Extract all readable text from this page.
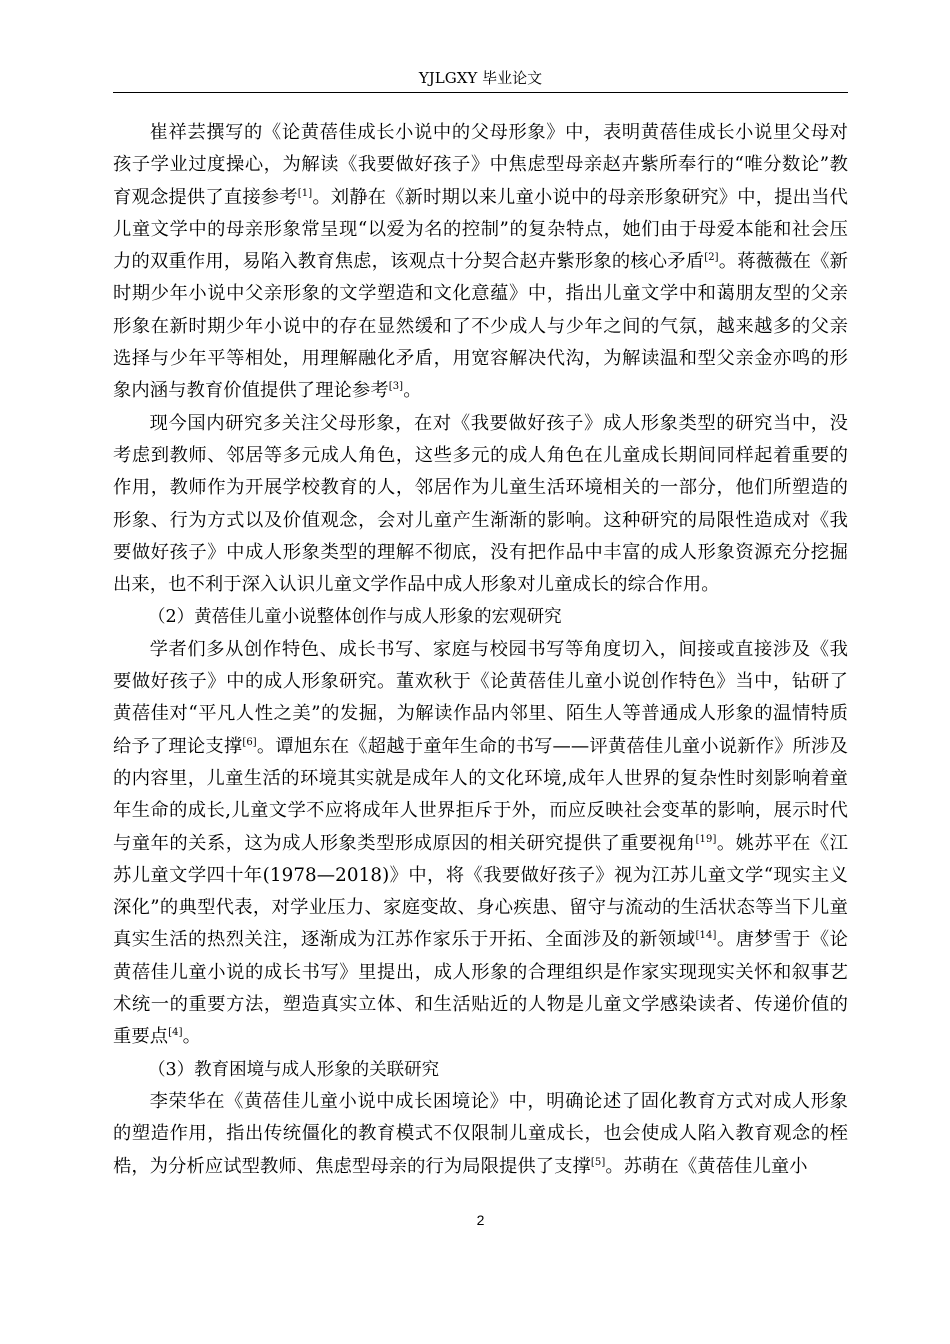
YJLGXY 毕业论文

崔祥芸撰写的《论黄蓓佳成长小说中的父母形象》中，表明黄蓓佳成长小说里父母对孩子学业过度操心，为解读《我要做好孩子》中焦虑型母亲赵卉紫所奉行的“唯分数论”教育观念提供了直接参考[1]。刘静在《新时期以来儿童小说中的母亲形象研究》中，提出当代儿童文学中的母亲形象常呈现“以爱为名的控制”的复杂特点，她们由于母爱本能和社会压力的双重作用，易陷入教育焦虑，该观点十分契合赵卉紫形象的核心矛盾[2]。蒋薇薇在《新时期少年小说中父亲形象的文学塑造和文化意蕴》中，指出儿童文学中和蔼朋友型的父亲形象在新时期少年小说中的存在显然缓和了不少成人与少年之间的气氛，越来越多的父亲选择与少年平等相处，用理解融化矛盾，用宽容解决代沟，为解读温和型父亲金亦鸣的形象内涵与教育价值提供了理论参考[3]。

现今国内研究多关注父母形象，在对《我要做好孩子》成人形象类型的研究当中，没考虑到教师、邻居等多元成人角色，这些多元的成人角色在儿童成长期间同样起着重要的作用，教师作为开展学校教育的人，邻居作为儿童生活环境相关的一部分，他们所塑造的形象、行为方式以及价值观念，会对儿童产生渐渐的影响。这种研究的局限性造成对《我要做好孩子》中成人形象类型的理解不彻底，没有把作品中丰富的成人形象资源充分挖掘出来，也不利于深入认识儿童文学作品中成人形象对儿童成长的综合作用。

（2）黄蓓佳儿童小说整体创作与成人形象的宏观研究

学者们多从创作特色、成长书写、家庭与校园书写等角度切入，间接或直接涉及《我要做好孩子》中的成人形象研究。董欢秋于《论黄蓓佳儿童小说创作特色》当中，钻研了黄蓓佳对“平凡人性之美”的发掘，为解读作品内邻里、陌生人等普通成人形象的温情特质给予了理论支撑[6]。谭旭东在《超越于童年生命的书写——评黄蓓佳儿童小说新作》所涉及的内容里，儿童生活的环境其实就是成年人的文化环境,成年人世界的复杂性时刻影响着童年生命的成长,儿童文学不应将成年人世界拒斥于外，而应反映社会变革的影响，展示时代与童年的关系，这为成人形象类型形成原因的相关研究提供了重要视角[19]。姚苏平在《江苏儿童文学四十年(1978—2018)》中，将《我要做好孩子》视为江苏儿童文学“现实主义深化”的典型代表，对学业压力、家庭变故、身心疾患、留守与流动的生活状态等当下儿童真实生活的热烈关注，逐渐成为江苏作家乐于开拓、全面涉及的新领域[14]。唐梦雪于《论黄蓓佳儿童小说的成长书写》里提出，成人形象的合理组织是作家实现现实关怀和叙事艺术统一的重要方法，塑造真实立体、和生活贴近的人物是儿童文学感染读者、传递价值的重要点[4]。

（3）教育困境与成人形象的关联研究

李荣华在《黄蓓佳儿童小说中成长困境论》中，明确论述了固化教育方式对成人形象的塑造作用，指出传统僵化的教育模式不仅限制儿童成长，也会使成人陷入教育观念的桎梏，为分析应试型教师、焦虑型母亲的行为局限提供了支撑[5]。苏萌在《黄蓓佳儿童小

2
